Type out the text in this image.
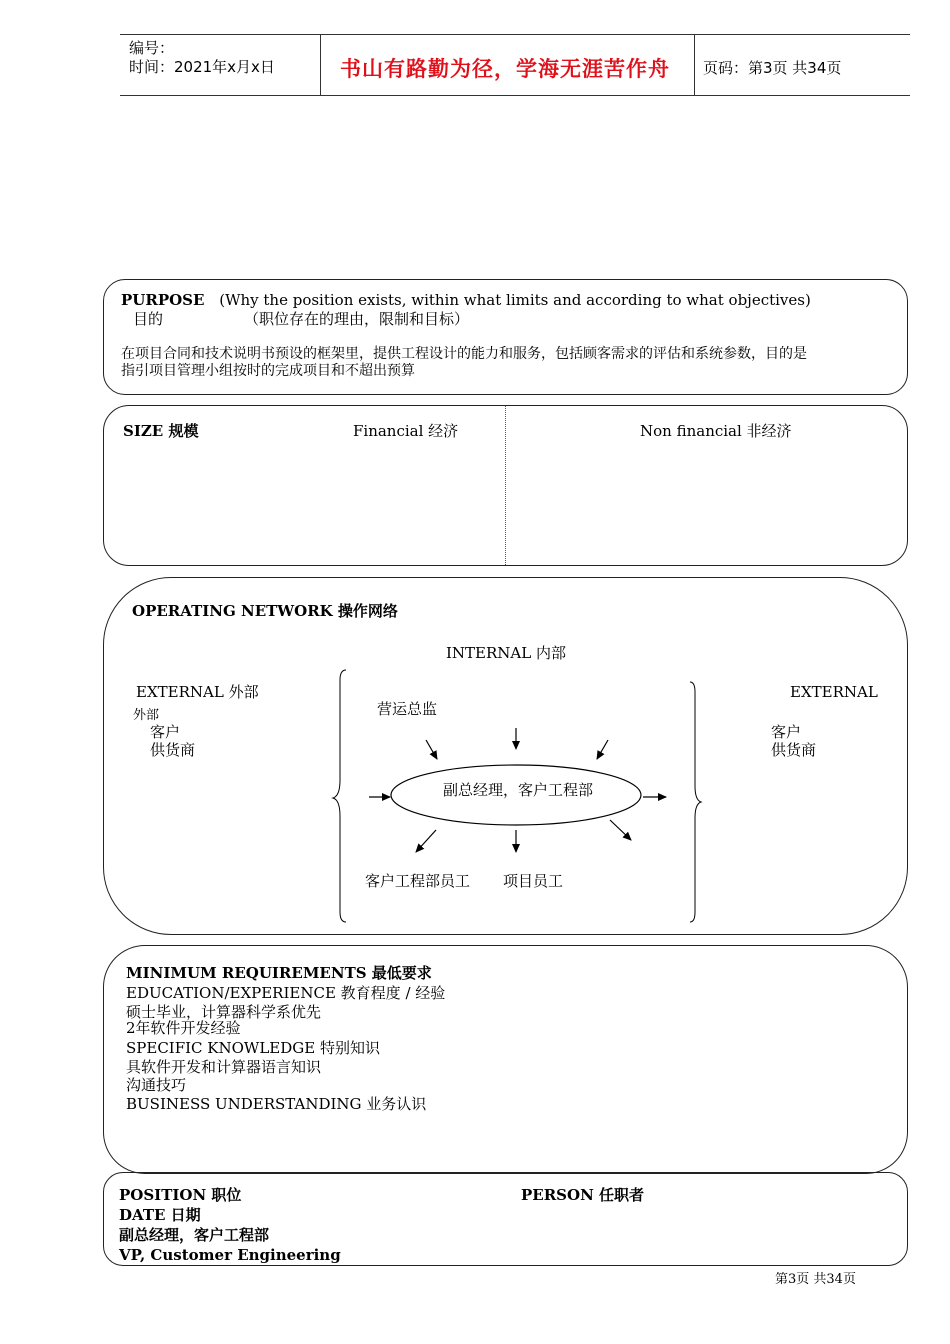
编号：
时间：2021年x月x日	书山有路勤为径，学海无涯苦作舟 页码：第3页 共34页
PURPOSE (Why the position exists, within what limits and according to what objectives)
目的	（职位存在的理由，限制和目标）
在项目合同和技术说明书预设的框架里，提供工程设计的能力和服务，包括顾客需求的评估和系统参数，目的是
指引项目管理小组按时的完成项目和不超出预算
SIZE 规模	Financial 经济	Non financial 非经济
OPERATING NETWORK 操作网络
INTERNAL 内部
EXTERNAL 外部
外部
客户
供货商
EXTERNAL
客户
供货商
营运总监
客户工程部员工 项目员工
副总经理，客户工程部
MINIMUM REQUIREMENTS 最低要求
EDUCATION/EXPERIENCE 教育程度 / 经验
硕士毕业，计算器科学系优先
2年软件开发经验
SPECIFIC KNOWLEDGE 特别知识
具软件开发和计算器语言知识
沟通技巧
BUSINESS UNDERSTANDING 业务认识
POSITION 职位	PERSON 任职者
DATE 日期
副总经理，客户工程部
VP, Customer Engineering
第3页 共34页
